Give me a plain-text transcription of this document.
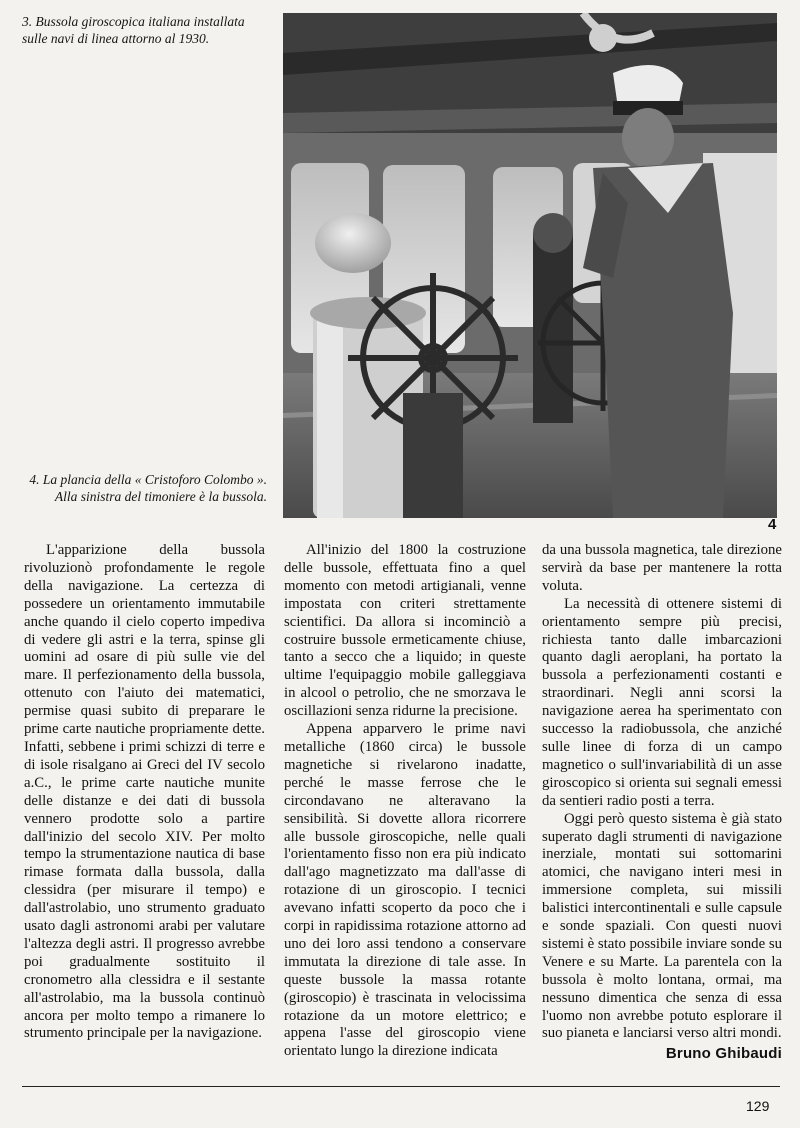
3. Bussola giroscopica italiana installata sulle navi di linea attorno al 1930.
4. La plancia della « Cristoforo Colombo ». Alla sinistra del timoniere è la bussola.
4

L'apparizione della bussola rivoluzionò profondamente le regole della navigazione. La certezza di possedere un orientamento immutabile anche quando il cielo coperto impediva di vedere gli astri e la terra, spinse gli uomini ad osare di più sulle vie del mare. Il perfezionamento della bussola, ottenuto con l'aiuto dei matematici, permise quasi subito di preparare le prime carte nautiche propriamente dette. Infatti, sebbene i primi schizzi di terre e di isole risalgano ai Greci del IV secolo a.C., le prime carte nautiche munite delle distanze e dei dati di bussola vennero prodotte solo a partire dall'inizio del secolo XIV. Per molto tempo la strumentazione nautica di base rimase formata dalla bussola, dalla clessidra (per misurare il tempo) e dall'astrolabio, uno strumento graduato usato dagli astronomi arabi per valutare l'altezza degli astri. Il progresso avrebbe poi gradualmente sostituito il cronometro alla clessidra e il sestante all'astrolabio, ma la bussola continuò ancora per molto tempo a rimanere lo strumento principale per la navigazione.

All'inizio del 1800 la costruzione delle bussole, effettuata fino a quel momento con metodi artigianali, venne impostata con criteri strettamente scientifici. Da allora si incominciò a costruire bussole ermeticamente chiuse, tanto a secco che a liquido; in queste ultime l'equipaggio mobile galleggiava in alcool o petrolio, che ne smorzava le oscillazioni senza ridurne la precisione.

Appena apparvero le prime navi metalliche (1860 circa) le bussole magnetiche si rivelarono inadatte, perché le masse ferrose che le circondavano ne alteravano la sensibilità. Si dovette allora ricorrere alle bussole giroscopiche, nelle quali l'orientamento fisso non era più indicato dall'ago magnetizzato ma dall'asse di rotazione di un giroscopio. I tecnici avevano infatti scoperto da poco che i corpi in rapidissima rotazione attorno ad uno dei loro assi tendono a conservare immutata la direzione di tale asse. In queste bussole la massa rotante (giroscopio) è trascinata in velocissima rotazione da un motore elettrico; e appena l'asse del giroscopio viene orientato lungo la direzione indicata

da una bussola magnetica, tale direzione servirà da base per mantenere la rotta voluta.

La necessità di ottenere sistemi di orientamento sempre più precisi, richiesta tanto dalle imbarcazioni quanto dagli aeroplani, ha portato la bussola a perfezionamenti costanti e straordinari. Negli anni scorsi la navigazione aerea ha sperimentato con successo la radiobussola, che anziché sulle linee di forza di un campo magnetico o sull'invariabilità di un asse giroscopico si orienta sui segnali emessi da sentieri radio posti a terra.

Oggi però questo sistema è già stato superato dagli strumenti di navigazione inerziale, montati sui sottomarini atomici, che navigano interi mesi in immersione completa, sui missili balistici intercontinentali e sulle capsule e sonde spaziali. Con questi nuovi sistemi è stato possibile inviare sonde su Venere e su Marte. La parentela con la bussola è molto lontana, ormai, ma nessuno dimentica che senza di essa l'uomo non avrebbe potuto esplorare il suo pianeta e lanciarsi verso altri mondi.

Bruno Ghibaudi
129
